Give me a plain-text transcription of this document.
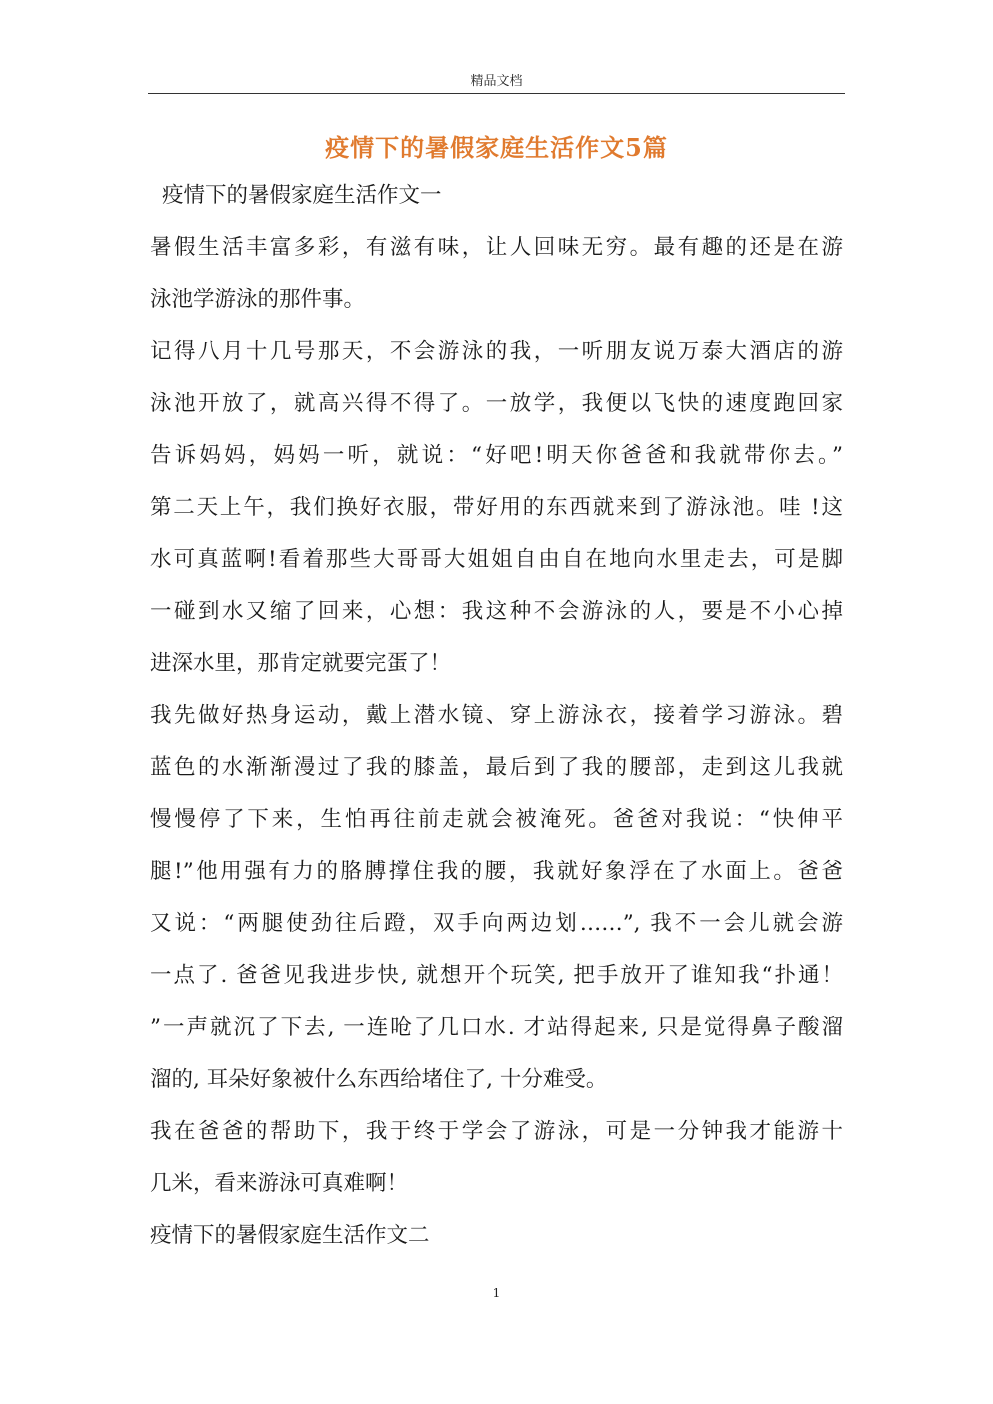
精品文档
疫情下的暑假家庭生活作文5篇
疫情下的暑假家庭生活作文一
暑假生活丰富多彩，有滋有味，让人回味无穷。最有趣的还是在游
泳池学游泳的那件事。
记得八月十几号那天，不会游泳的我，一听朋友说万泰大酒店的游
泳池开放了，就高兴得不得了。一放学，我便以飞快的速度跑回家
告诉妈妈，妈妈一听，就说：“好吧!明天你爸爸和我就带你去。”
第二天上午，我们换好衣服，带好用的东西就来到了游泳池。哇 !这
水可真蓝啊!看着那些大哥哥大姐姐自由自在地向水里走去，可是脚
一碰到水又缩了回来，心想：我这种不会游泳的人，要是不小心掉
进深水里，那肯定就要完蛋了！
我先做好热身运动，戴上潜水镜、穿上游泳衣，接着学习游泳。碧
蓝色的水渐渐漫过了我的膝盖，最后到了我的腰部，走到这儿我就
慢慢停了下来，生怕再往前走就会被淹死。爸爸对我说：“快伸平
腿!”他用强有力的胳膊撑住我的腰，我就好象浮在了水面上。爸爸
又说：“两腿使劲往后蹬，双手向两边划……”, 我不一会儿就会游
一点了. 爸爸见我进步快, 就想开个玩笑, 把手放开了谁知我“扑通！
”一声就沉了下去, 一连呛了几口水. 才站得起来, 只是觉得鼻子酸溜
溜的, 耳朵好象被什么东西给堵住了, 十分难受。
我在爸爸的帮助下，我于终于学会了游泳，可是一分钟我才能游十
几米，看来游泳可真难啊！
疫情下的暑假家庭生活作文二
1
